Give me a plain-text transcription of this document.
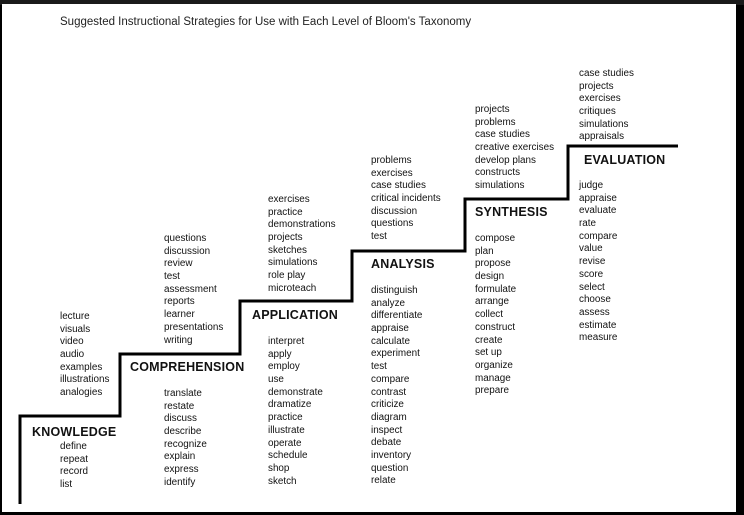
Suggested Instructional Strategies for Use with Each Level of Bloom's Taxonomy
KNOWLEDGE
COMPREHENSION
APPLICATION
ANALYSIS
SYNTHESIS
EVALUATION
lecture
visuals
video
audio
examples
illustrations
analogies
define
repeat
record
list
questions
discussion
review
test
assessment
reports
learner
presentations
writing
translate
restate
discuss
describe
recognize
explain
express
identify
exercises
practice
demonstrations
projects
sketches
simulations
role play
microteach
interpret
apply
employ
use
demonstrate
dramatize
practice
illustrate
operate
schedule
shop
sketch
problems
exercises
case studies
critical incidents
discussion
questions
test
distinguish
analyze
differentiate
appraise
calculate
experiment
test
compare
contrast
criticize
diagram
inspect
debate
inventory
question
relate
projects
problems
case studies
creative exercises
develop plans
constructs
simulations
compose
plan
propose
design
formulate
arrange
collect
construct
create
set up
organize
manage
prepare
case studies
projects
exercises
critiques
simulations
appraisals
judge
appraise
evaluate
rate
compare
value
revise
score
select
choose
assess
estimate
measure
